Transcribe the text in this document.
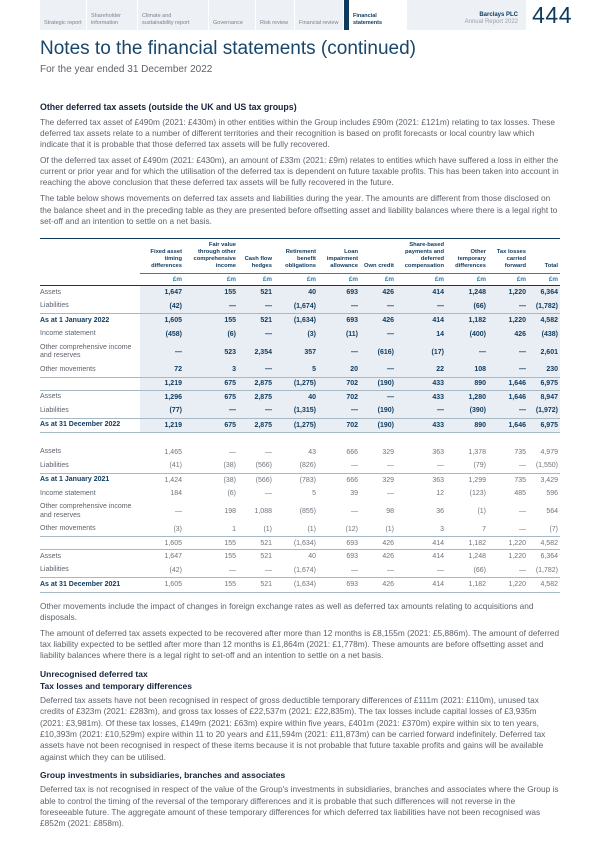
Strategic report
Shareholder information
Climate and sustainability report	Governance	Risk review	Financial review
Financial statements
Barclays PLC
Annual Report 2022 444
Notes to the financial statements (continued)
For the year ended 31 December 2022
Other deferred tax assets (outside the UK and US tax groups)
The deferred tax asset of £490m (2021: £430m) in other entities within the Group includes £90m (2021: £121m) relating to tax losses. These deferred tax assets relate to a number of different territories and their recognition is based on profit forecasts or local country law which indicate that it is probable that those deferred tax assets will be fully recovered.
Of the deferred tax asset of £490m (2021: £430m), an amount of £33m (2021: £9m) relates to entities which have suffered a loss in either the current or prior year and for which the utilisation of the deferred tax is dependent on future taxable profits. This has been taken into account in reaching the above conclusion that these deferred tax assets will be fully recovered in the future.
The table below shows movements on deferred tax assets and liabilities during the year. The amounts are different from those disclosed on the balance sheet and in the preceding table as they are presented before offsetting asset and liability balances where there is a legal right to set-off and an intention to settle on a net basis.
	Fixed asset timing differences	Fair value through other comprehensive income	Cash flow hedges	Retirement benefit obligations	Loan impairment allowance	Own credit	Share-based payments and deferred compensation	Other temporary differences	Tax losses carried forward	Total
	£m	£m	£m	£m	£m	£m	£m	£m	£m	£m
Assets	1,647	155	521	40	693	426	414	1,248	1,220	6,364
Liabilities	(42)	—	—	(1,674)	—	—	—	(66)	—	(1,782)
As at 1 January 2022	1,605	155	521	(1,634)	693	426	414	1,182	1,220	4,582
Income statement	(458)	(6)	—	(3)	(11)	—	14	(400)	426	(438)
Other comprehensive income and reserves	—	523	2,354	357	—	(616)	(17)	—	—	2,601
Other movements	72	3	—	5	20	—	22	108	—	230
	1,219	675	2,875	(1,275)	702	(190)	433	890	1,646	6,975
Assets	1,296	675	2,875	40	702	—	433	1,280	1,646	8,947
Liabilities	(77)	—	—	(1,315)	—	(190)	—	(390)	—	(1,972)
As at 31 December 2022	1,219	675	2,875	(1,275)	702	(190)	433	890	1,646	6,975

Assets	1,465	—	—	43	666	329	363	1,378	735	4,979
Liabilities	(41)	(38)	(566)	(826)	—	—	—	(79)	—	(1,550)
As at 1 January 2021	1,424	(38)	(566)	(783)	666	329	363	1,299	735	3,429
Income statement	184	(6)	—	5	39	—	12	(123)	485	596
Other comprehensive income and reserves	—	198	1,088	(855)	—	98	36	(1)	—	564
Other movements	(3)	1	(1)	(1)	(12)	(1)	3	7	—	(7)
	1,605	155	521	(1,634)	693	426	414	1,182	1,220	4,582
Assets	1,647	155	521	40	693	426	414	1,248	1,220	6,364
Liabilities	(42)	—	—	(1,674)	—	—	—	(66)	—	(1,782)
As at 31 December 2021	1,605	155	521	(1,634)	693	426	414	1,182	1,220	4,582
Other movements include the impact of changes in foreign exchange rates as well as deferred tax amounts relating to acquisitions and disposals.
The amount of deferred tax assets expected to be recovered after more than 12 months is £8,155m (2021: £5,886m). The amount of deferred tax liability expected to be settled after more than 12 months is £1,864m (2021: £1,778m). These amounts are before offsetting asset and liability balances where there is a legal right to set-off and an intention to settle on a net basis.
Unrecognised deferred tax
Tax losses and temporary differences
Deferred tax assets have not been recognised in respect of gross deductible temporary differences of £111m (2021: £110m), unused tax credits of £323m (2021: £283m), and gross tax losses of £22,537m (2021: £22,835m). The tax losses include capital losses of £3,935m (2021: £3,981m). Of these tax losses, £149m (2021: £63m) expire within five years, £401m (2021: £370m) expire within six to ten years, £10,393m (2021: £10,529m) expire within 11 to 20 years and £11,594m (2021: £11,873m) can be carried forward indefinitely. Deferred tax assets have not been recognised in respect of these items because it is not probable that future taxable profits and gains will be available against which they can be utilised.
Group investments in subsidiaries, branches and associates
Deferred tax is not recognised in respect of the value of the Group's investments in subsidiaries, branches and associates where the Group is able to control the timing of the reversal of the temporary differences and it is probable that such differences will not reverse in the foreseeable future. The aggregate amount of these temporary differences for which deferred tax liabilities have not been recognised was £852m (2021: £858m).
